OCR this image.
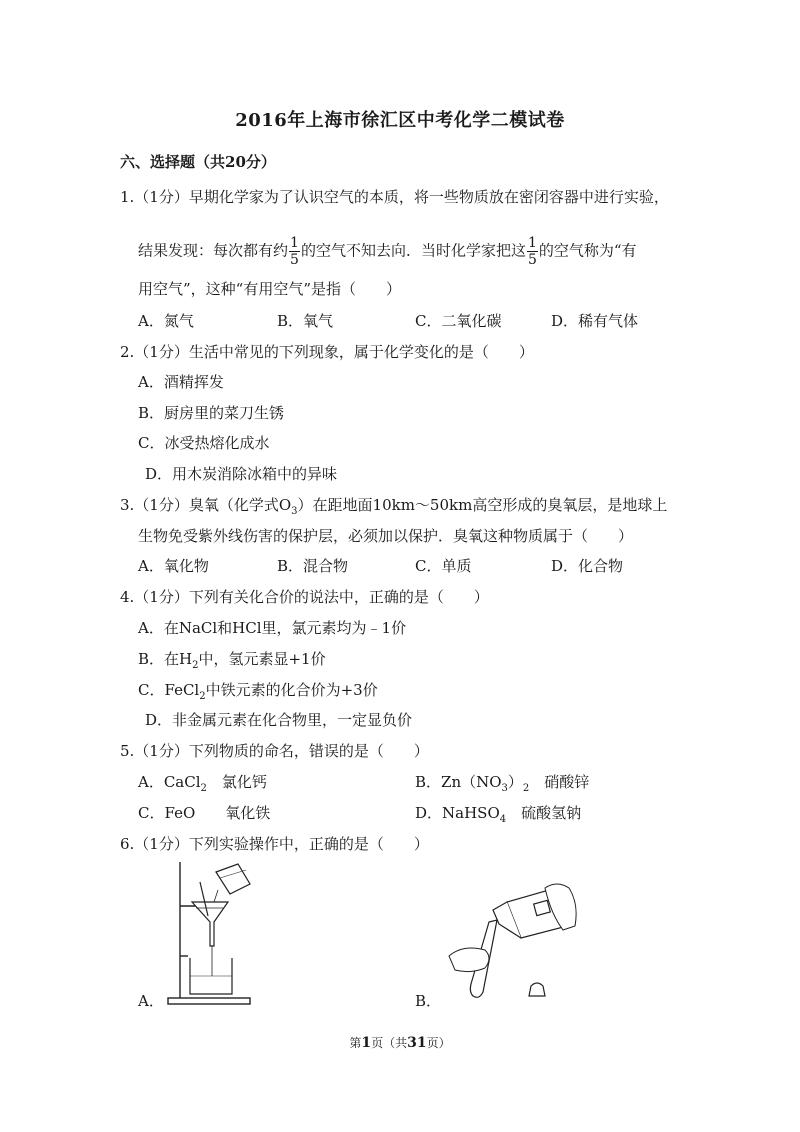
2016年上海市徐汇区中考化学二模试卷
六、选择题（共20分）
1.（1分）早期化学家为了认识空气的本质，将一些物质放在密闭容器中进行实验，
结果发现：每次都有约 $\frac{1}{5}$ 的空气不知去向．当时化学家把这 $\frac{1}{5}$ 的空气称为“有
用空气”，这种“有用空气”是指（　　）
A．氮气	B．氧气	C．二氧化碳	D．稀有气体
2.（1分）生活中常见的下列现象，属于化学变化的是（　　）
A．酒精挥发
B．厨房里的菜刀生锈
C．冰受热熔化成水
D．用木炭消除冰箱中的异味
3.（1分）臭氧（化学式$O_3$）在距地面10km～50km高空形成的臭氧层，是地球上
生物免受紫外线伤害的保护层，必须加以保护．臭氧这种物质属于（　　）
A．氧化物	B．混合物	C．单质	D．化合物
4.（1分）下列有关化合价的说法中，正确的是（　　）
A．在NaCl和HCl里，氯元素均为﹣1价
B．在$H_2$中，氢元素显+1价
C．FeCl$_2$中铁元素的化合价为+3价
D．非金属元素在化合物里，一定显负价
5.（1分）下列物质的命名，错误的是（　　）
A．CaCl$_2$　氯化钙	B．$Zn(NO_3)_2$　硝酸锌
C．FeO　　氧化铁	D．NaHSO$_4$　硫酸氢钠
6.（1分）下列实验操作中，正确的是（　　）
A．	B．
第1页（共31页）
